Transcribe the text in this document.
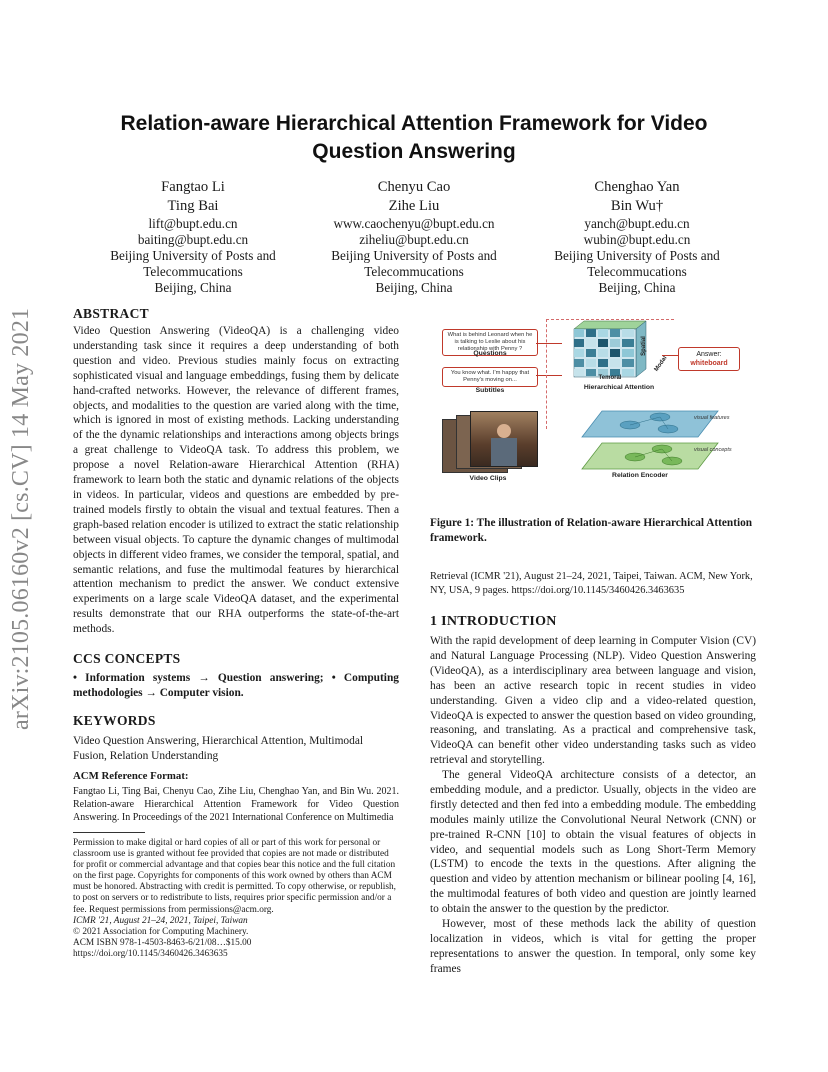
arXiv:2105.06160v2 [cs.CV] 14 May 2021
Relation-aware Hierarchical Attention Framework for Video Question Answering
Fangtao Li
Ting Bai
lift@bupt.edu.cn
baiting@bupt.edu.cn
Beijing University of Posts and
Telecommucations
Beijing, China
Chenyu Cao
Zihe Liu
www.caochenyu@bupt.edu.cn
ziheliu@bupt.edu.cn
Beijing University of Posts and
Telecommucations
Beijing, China
Chenghao Yan
Bin Wu†
yanch@bupt.edu.cn
wubin@bupt.edu.cn
Beijing University of Posts and
Telecommucations
Beijing, China
ABSTRACT
Video Question Answering (VideoQA) is a challenging video understanding task since it requires a deep understanding of both question and video. Previous studies mainly focus on extracting sophisticated visual and language embeddings, fusing them by delicate hand-crafted networks. However, the relevance of different frames, objects, and modalities to the question are varied along with the time, which is ignored in most of existing methods. Lacking understanding of the the dynamic relationships and interactions among objects brings a great challenge to VideoQA task. To address this problem, we propose a novel Relation-aware Hierarchical Attention (RHA) framework to learn both the static and dynamic relations of the objects in videos. In particular, videos and questions are embedded by pre-trained models firstly to obtain the visual and textual features. Then a graph-based relation encoder is utilized to extract the static relationship between visual objects. To capture the dynamic changes of multimodal objects in different video frames, we consider the temporal, spatial, and semantic relations, and fuse the multimodal features by hierarchical attention mechanism to predict the answer. We conduct extensive experiments on a large scale VideoQA dataset, and the experimental results demonstrate that our RHA outperforms the state-of-the-art methods.
CCS CONCEPTS
• Information systems → Question answering; • Computing methodologies → Computer vision.
KEYWORDS
Video Question Answering, Hierarchical Attention, Multimodal Fusion, Relation Understanding
ACM Reference Format:
Fangtao Li, Ting Bai, Chenyu Cao, Zihe Liu, Chenghao Yan, and Bin Wu. 2021. Relation-aware Hierarchical Attention Framework for Video Question Answering. In Proceedings of the 2021 International Conference on Multimedia
Permission to make digital or hard copies of all or part of this work for personal or
classroom use is granted without fee provided that copies are not made or distributed
for profit or commercial advantage and that copies bear this notice and the full citation
on the first page. Copyrights for components of this work owned by others than ACM
must be honored. Abstracting with credit is permitted. To copy otherwise, or republish,
to post on servers or to redistribute to lists, requires prior specific permission and/or a
fee. Request permissions from permissions@acm.org.
ICMR '21, August 21–24, 2021, Taipei, Taiwan
© 2021 Association for Computing Machinery.
ACM ISBN 978-1-4503-8463-6/21/08…$15.00
https://doi.org/10.1145/3460426.3463635
What is behind Leonard when he is talking to Leslie about his relationship with Penny ?
Questions
You know what. I'm happy that Penny's moving on...
Subtitles
Spatial
Modal
Temoral
Hierarchical Attention
Answer:
whiteboard
Video Clips
visual features
visual concepts
Relation Encoder
Figure 1: The illustration of Relation-aware Hierarchical Attention framework.
Retrieval (ICMR '21), August 21–24, 2021, Taipei, Taiwan. ACM, New York, NY, USA, 9 pages. https://doi.org/10.1145/3460426.3463635
1 INTRODUCTION
With the rapid development of deep learning in Computer Vision (CV) and Natural Language Processing (NLP). Video Question Answering (VideoQA), as a interdisciplinary area between language and vision, has been an active research topic in recent studies in video understanding. Given a video clip and a video-related question, VideoQA is expected to answer the question based on video grounding, reasoning, and translating. As a practical and comprehensive task, VideoQA can benefit other video understanding tasks such as video retrieval and storytelling.
The general VideoQA architecture consists of a detector, an embedding module, and a predictor. Usually, objects in the video are firstly detected and then fed into a embedding module. The embedding modules mainly utilize the Convolutional Neural Network (CNN) or pre-trained R-CNN [10] to obtain the visual features of objects in video, and sequential models such as Long Short-Term Memory (LSTM) to encode the texts in the questions. After aligning the question and video by attention mechanism or bilinear pooling [4, 16], the multimodal features of both video and question are jointly learned to obtain the answer to the question by the predictor.
However, most of these methods lack the ability of question localization in videos, which is vital for getting the proper representations to answer the question. In temporal, only some key frames
